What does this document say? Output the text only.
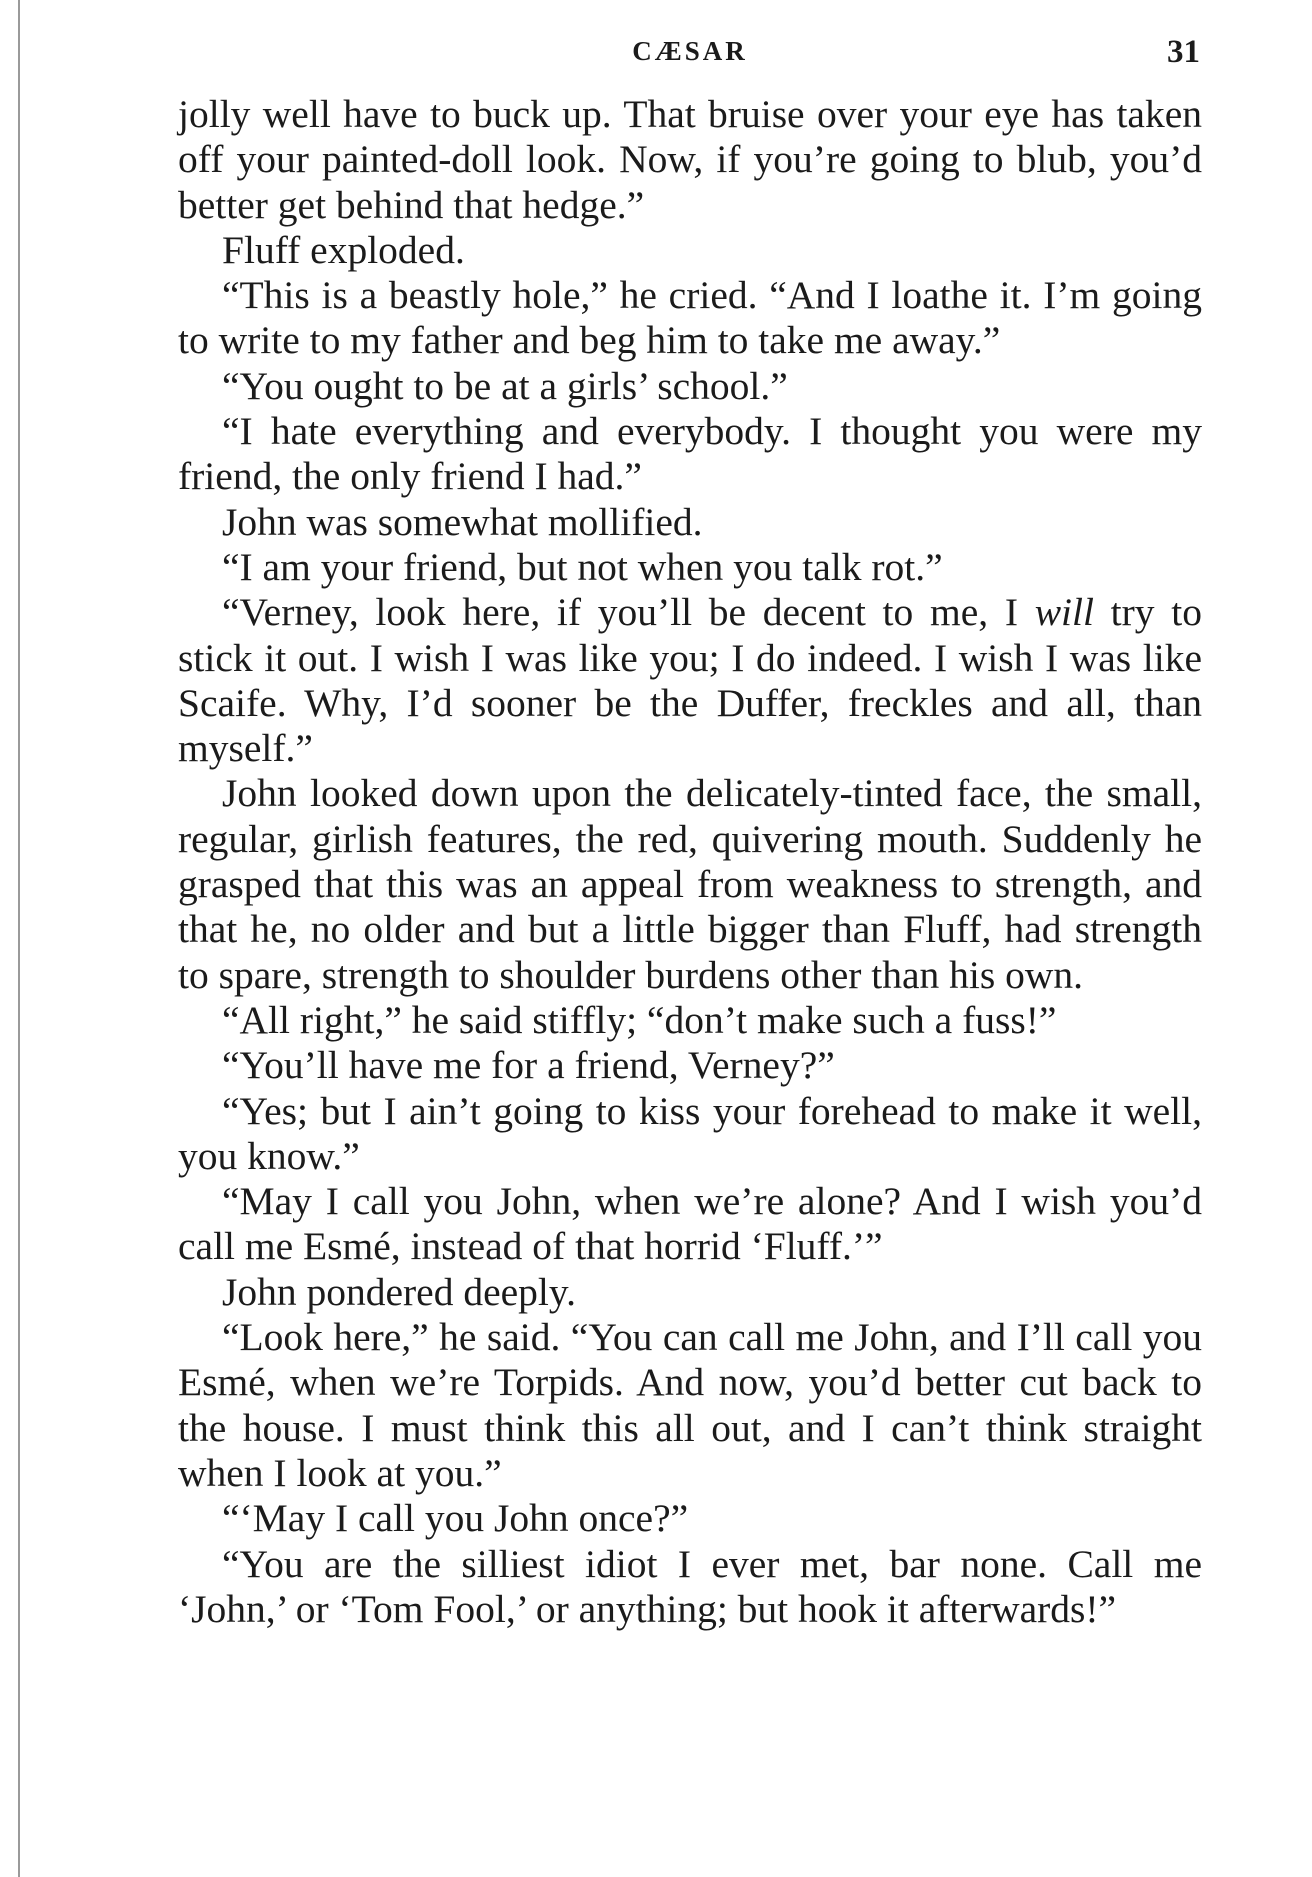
CÆSAR	31

jolly well have to buck up. That bruise over your eye has taken off your painted-doll look. Now, if you’re going to blub, you’d better get behind that hedge.”

Fluff exploded.

“This is a beastly hole,” he cried. “And I loathe it. I’m going to write to my father and beg him to take me away.”

“You ought to be at a girls’ school.”

“I hate everything and everybody. I thought you were my friend, the only friend I had.”

John was somewhat mollified.

“I am your friend, but not when you talk rot.”

“Verney, look here, if you’ll be decent to me, I will try to stick it out. I wish I was like you; I do indeed. I wish I was like Scaife. Why, I’d sooner be the Duffer, freckles and all, than myself.”

John looked down upon the delicately-tinted face, the small, regular, girlish features, the red, quivering mouth. Suddenly he grasped that this was an appeal from weakness to strength, and that he, no older and but a little bigger than Fluff, had strength to spare, strength to shoulder burdens other than his own.

“All right,” he said stiffly; “don’t make such a fuss!”

“You’ll have me for a friend, Verney?”

“Yes; but I ain’t going to kiss your forehead to make it well, you know.”

“May I call you John, when we’re alone? And I wish you’d call me Esmé, instead of that horrid ‘Fluff.’”

John pondered deeply.

“Look here,” he said. “You can call me John, and I’ll call you Esmé, when we’re Torpids. And now, you’d better cut back to the house. I must think this all out, and I can’t think straight when I look at you.”

“‘May I call you John once?”

“You are the silliest idiot I ever met, bar none. Call me ‘John,’ or ‘Tom Fool,’ or anything; but hook it afterwards!”
